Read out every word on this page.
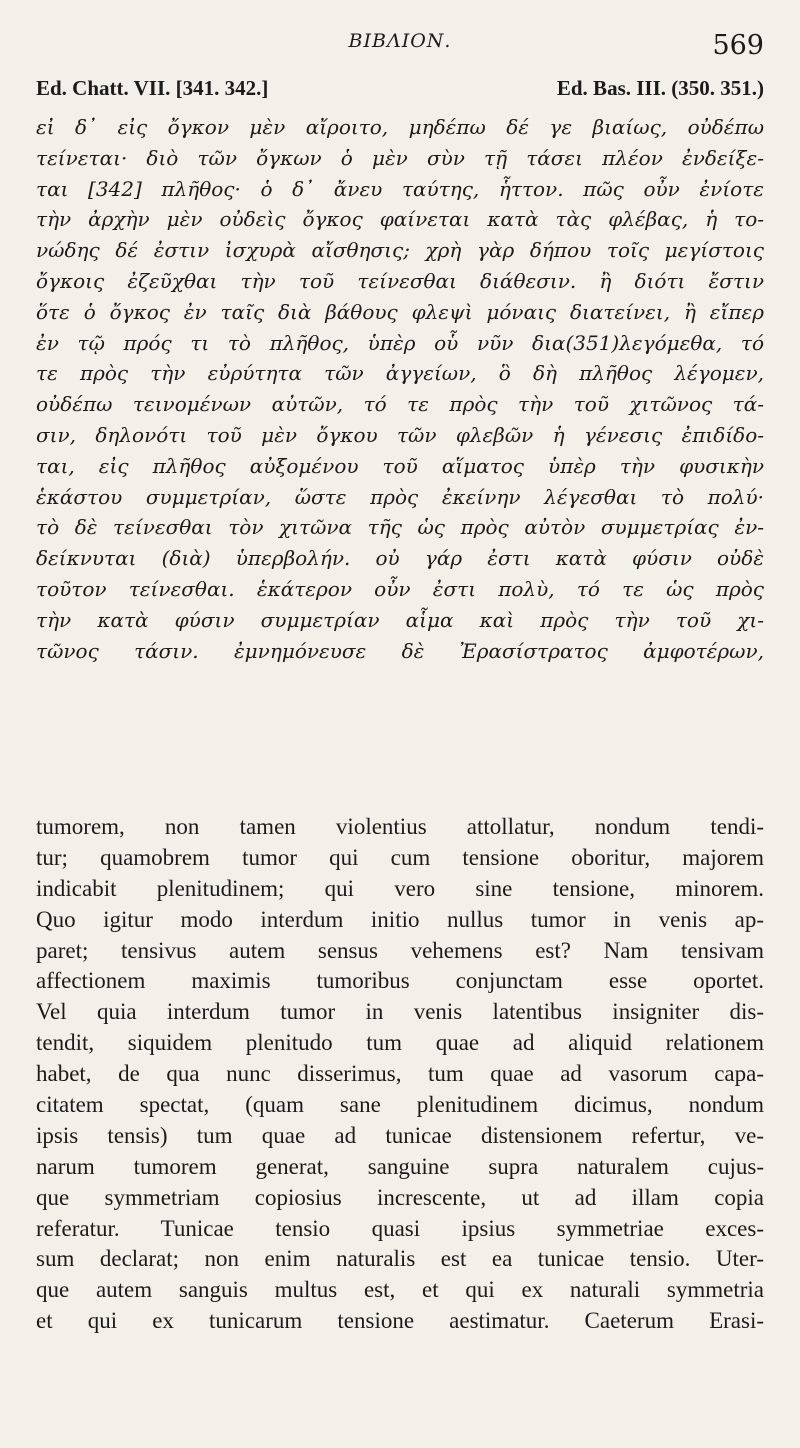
ΒΙΒΛΙΟΝ.	569
Ed. Chatt. VII. [341. 342.]	Ed. Bas. III. (350. 351.)
εἰ δ᾽ εἰς ὄγκον μὲν αἴροιτο, μηδέπω δέ γε βιαίως, οὐδέπω
τείνεται· διὸ τῶν ὄγκων ὁ μὲν σὺν τῇ τάσει πλέον ἐνδείξε-
ται [342] πλῆθος· ὁ δ᾽ ἄνευ ταύτης, ἧττον. πῶς οὖν ἐνίοτε
τὴν ἀρχὴν μὲν οὐδεὶς ὄγκος φαίνεται κατὰ τὰς φλέβας, ἡ το-
νώδης δέ ἐστιν ἰσχυρὰ αἴσθησις; χρὴ γὰρ δήπου τοῖς μεγίστοις
ὄγκοις ἐζεῦχθαι τὴν τοῦ τείνεσθαι διάθεσιν. ἢ διότι ἔστιν
ὅτε ὁ ὄγκος ἐν ταῖς διὰ βάθους φλεψὶ μόναις διατείνει, ἢ εἴπερ
ἐν τῷ πρός τι τὸ πλῆθος, ὑπὲρ οὗ νῦν δια(351)λεγόμεθα, τό
τε πρὸς τὴν εὐρύτητα τῶν ἀγγείων, ὃ δὴ πλῆθος λέγομεν,
οὐδέπω τεινομένων αὐτῶν, τό τε πρὸς τὴν τοῦ χιτῶνος τά-
σιν, δηλονότι τοῦ μὲν ὄγκου τῶν φλεβῶν ἡ γένεσις ἐπιδίδο-
ται, εἰς πλῆθος αὐξομένου τοῦ αἵματος ὑπὲρ τὴν φυσικὴν
ἑκάστου συμμετρίαν, ὥστε πρὸς ἐκείνην λέγεσθαι τὸ πολύ·
τὸ δὲ τείνεσθαι τὸν χιτῶνα τῆς ὡς πρὸς αὐτὸν συμμετρίας ἐν-
δείκνυται (διὰ) ὑπερβολήν. οὐ γάρ ἐστι κατὰ φύσιν οὐδὲ
τοῦτον τείνεσθαι. ἑκάτερον οὖν ἐστι πολὺ, τό τε ὡς πρὸς
τὴν κατὰ φύσιν συμμετρίαν αἷμα καὶ πρὸς τὴν τοῦ χι-
τῶνος τάσιν. ἐμνημόνευσε δὲ Ἐρασίστρατος ἀμφοτέρων,
tumorem, non tamen violentius attollatur, nondum tendi-
tur; quamobrem tumor qui cum tensione oboritur, majorem
indicabit plenitudinem; qui vero sine tensione, minorem.
Quo igitur modo interdum initio nullus tumor in venis ap-
paret; tensivus autem sensus vehemens est? Nam tensivam
affectionem maximis tumoribus conjunctam esse oportet.
Vel quia interdum tumor in venis latentibus insigniter dis-
tendit, siquidem plenitudo tum quae ad aliquid relationem
habet, de qua nunc disserimus, tum quae ad vasorum capa-
citatem spectat, (quam sane plenitudinem dicimus, nondum
ipsis tensis) tum quae ad tunicae distensionem refertur, ve-
narum tumorem generat, sanguine supra naturalem cujus-
que symmetriam copiosius increscente, ut ad illam copia
referatur. Tunicae tensio quasi ipsius symmetriae exces-
sum declarat; non enim naturalis est ea tunicae tensio. Uter-
que autem sanguis multus est, et qui ex naturali symmetria
et qui ex tunicarum tensione aestimatur. Caeterum Erasi-
